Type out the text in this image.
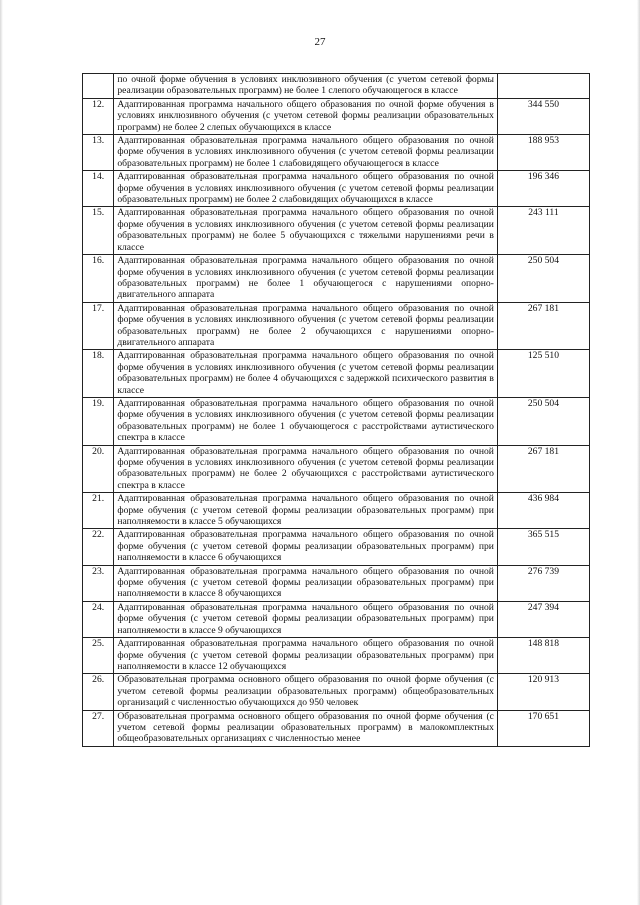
27
	по очной форме обучения в условиях инклюзивного обучения (с учетом сетевой формы реализации образовательных программ) не более 1 слепого обучающегося в классе	
12.	Адаптированная программа начального общего образования по очной форме обучения в условиях инклюзивного обучения (с учетом сетевой формы реализации образовательных программ) не более 2 слепых обучающихся в классе	344 550
13.	Адаптированная образовательная программа начального общего образования по очной форме обучения в условиях инклюзивного обучения (с учетом сетевой формы реализации образовательных программ) не более 1 слабовидящего обучающегося в классе	188 953
14.	Адаптированная образовательная программа начального общего образования по очной форме обучения в условиях инклюзивного обучения (с учетом сетевой формы реализации образовательных программ) не более 2 слабовидящих обучающихся в классе	196 346
15.	Адаптированная образовательная программа начального общего образования по очной форме обучения в условиях инклюзивного обучения (с учетом сетевой формы реализации образовательных программ) не более 5 обучающихся с тяжелыми нарушениями речи в классе	243 111
16.	Адаптированная образовательная программа начального общего образования по очной форме обучения в условиях инклюзивного обучения (с учетом сетевой формы реализации образовательных программ) не более 1 обучающегося с нарушениями опорно-двигательного аппарата	250 504
17.	Адаптированная образовательная программа начального общего образования по очной форме обучения в условиях инклюзивного обучения (с учетом сетевой формы реализации образовательных программ) не более 2 обучающихся с нарушениями опорно-двигательного аппарата	267 181
18.	Адаптированная образовательная программа начального общего образования по очной форме обучения в условиях инклюзивного обучения (с учетом сетевой формы реализации образовательных программ) не более 4 обучающихся с задержкой психического развития в классе	125 510
19.	Адаптированная образовательная программа начального общего образования по очной форме обучения в условиях инклюзивного обучения (с учетом сетевой формы реализации образовательных программ) не более 1 обучающегося с расстройствами аутистического спектра в классе	250 504
20.	Адаптированная образовательная программа начального общего образования по очной форме обучения в условиях инклюзивного обучения (с учетом сетевой формы реализации образовательных программ) не более 2 обучающихся с расстройствами аутистического спектра в классе	267 181
21.	Адаптированная образовательная программа начального общего образования по очной форме обучения (с учетом сетевой формы реализации образовательных программ) при наполняемости в классе 5 обучающихся	436 984
22.	Адаптированная образовательная программа начального общего образования по очной форме обучения (с учетом сетевой формы реализации образовательных программ) при наполняемости в классе 6 обучающихся	365 515
23.	Адаптированная образовательная программа начального общего образования по очной форме обучения (с учетом сетевой формы реализации образовательных программ) при наполняемости в классе 8 обучающихся	276 739
24.	Адаптированная образовательная программа начального общего образования по очной форме обучения (с учетом сетевой формы реализации образовательных программ) при наполняемости в классе 9 обучающихся	247 394
25.	Адаптированная образовательная программа начального общего образования по очной форме обучения (с учетом сетевой формы реализации образовательных программ) при наполняемости в классе 12 обучающихся	148 818
26.	Образовательная программа основного общего образования по очной форме обучения (с учетом сетевой формы реализации образовательных программ) общеобразовательных организаций с численностью обучающихся до 950 человек	120 913
27.	Образовательная программа основного общего образования по очной форме обучения (с учетом сетевой формы реализации образовательных программ) в малокомплектных общеобразовательных организациях с численностью менее	170 651
